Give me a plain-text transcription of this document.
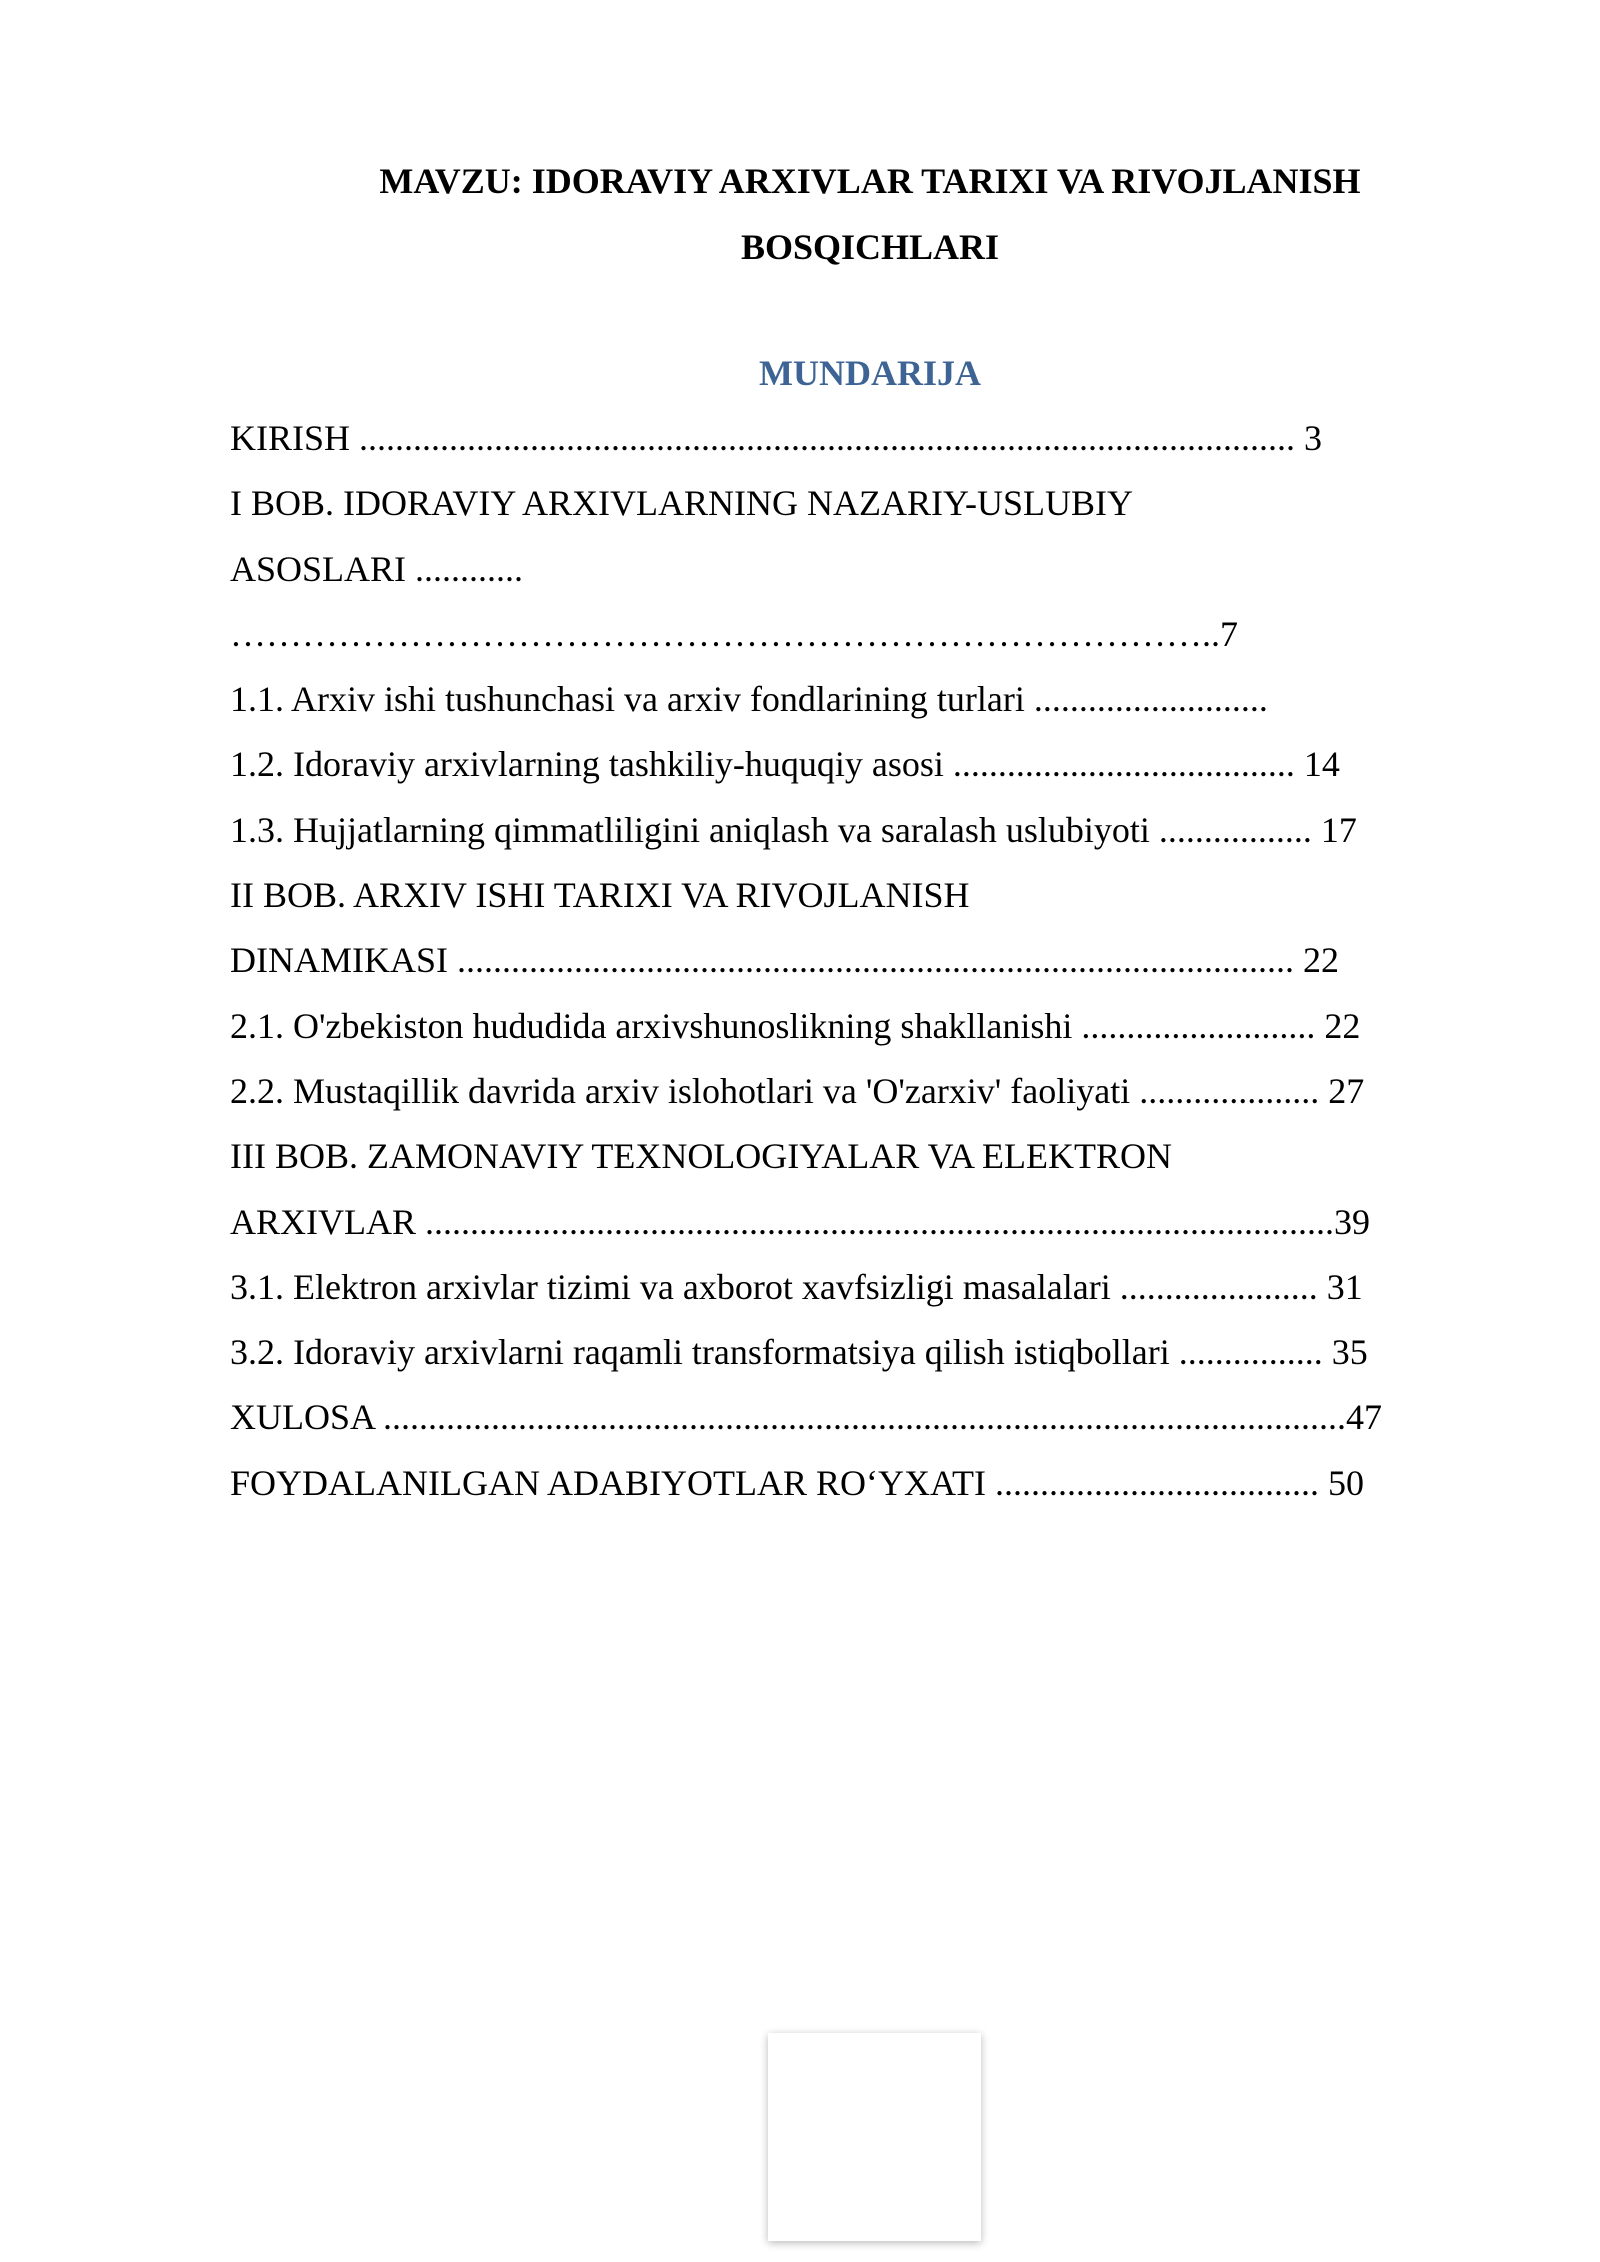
MAVZU: IDORAVIY ARXIVLAR TARIXI VA RIVOJLANISH
BOSQICHLARI
MUNDARIJA
KIRISH ........................................................................................................ 3
I BOB. IDORAVIY ARXIVLARNING NAZARIY-USLUBIY
ASOSLARI ............
………………………………………………………………………..7
1.1. Arxiv ishi tushunchasi va arxiv fondlarining turlari ..........................
1.2. Idoraviy arxivlarning tashkiliy-huquqiy asosi ...................................... 14
1.3. Hujjatlarning qimmatliligini aniqlash va saralash uslubiyoti ................. 17
II BOB. ARXIV ISHI TARIXI VA RIVOJLANISH
DINAMIKASI ............................................................................................. 22
2.1. O'zbekiston hududida arxivshunoslikning shakllanishi .......................... 22
2.2. Mustaqillik davrida arxiv islohotlari va 'O'zarxiv' faoliyati .................... 27
III BOB. ZAMONAVIY TEXNOLOGIYALAR VA ELEKTRON
ARXIVLAR .....................................................................................................39
3.1. Elektron arxivlar tizimi va axborot xavfsizligi masalalari ...................... 31
3.2. Idoraviy arxivlarni raqamli transformatsiya qilish istiqbollari ................ 35
XULOSA ...........................................................................................................47
FOYDALANILGAN ADABIYOTLAR RO‘YXATI .................................... 50
